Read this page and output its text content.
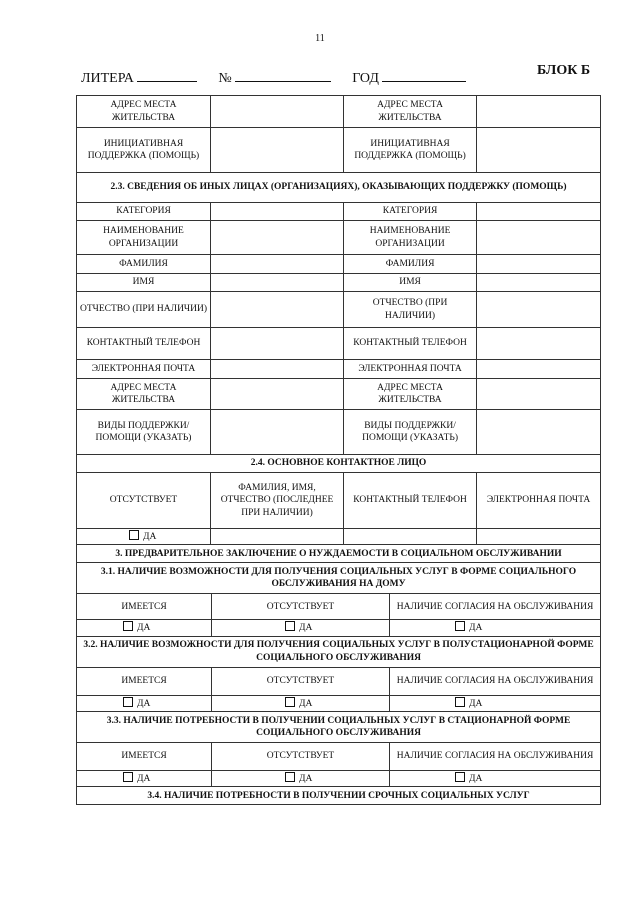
11
ЛИТЕРА	№	ГОД
БЛОК Б
АДРЕС МЕСТА ЖИТЕЛЬСТВА		АДРЕС МЕСТА ЖИТЕЛЬСТВА		
ИНИЦИАТИВНАЯ ПОДДЕРЖКА (ПОМОЩЬ)		ИНИЦИАТИВНАЯ ПОДДЕРЖКА (ПОМОЩЬ)		
2.3. СВЕДЕНИЯ ОБ ИНЫХ ЛИЦАХ (ОРГАНИЗАЦИЯХ), ОКАЗЫВАЮЩИХ ПОДДЕРЖКУ (ПОМОЩЬ)				
КАТЕГОРИЯ		КАТЕГОРИЯ		
НАИМЕНОВАНИЕ ОРГАНИЗАЦИИ		НАИМЕНОВАНИЕ ОРГАНИЗАЦИИ		
ФАМИЛИЯ		ФАМИЛИЯ		
ИМЯ		ИМЯ		
ОТЧЕСТВО (ПРИ НАЛИЧИИ)		ОТЧЕСТВО (ПРИ НАЛИЧИИ)		
КОНТАКТНЫЙ ТЕЛЕФОН		КОНТАКТНЫЙ ТЕЛЕФОН		
ЭЛЕКТРОННАЯ ПОЧТА		ЭЛЕКТРОННАЯ ПОЧТА		
АДРЕС МЕСТА ЖИТЕЛЬСТВА		АДРЕС МЕСТА ЖИТЕЛЬСТВА		
ВИДЫ ПОДДЕРЖКИ/ПОМОЩИ (УКАЗАТЬ)		ВИДЫ ПОДДЕРЖКИ/ПОМОЩИ (УКАЗАТЬ)		
2.4. ОСНОВНОЕ КОНТАКТНОЕ ЛИЦО				
ОТСУТСТВУЕТ	ФАМИЛИЯ, ИМЯ, ОТЧЕСТВО (ПОСЛЕДНЕЕ ПРИ НАЛИЧИИ)	КОНТАКТНЫЙ ТЕЛЕФОН		ЭЛЕКТРОННАЯ ПОЧТА
ДА				
3. ПРЕДВАРИТЕЛЬНОЕ ЗАКЛЮЧЕНИЕ О НУЖДАЕМОСТИ В СОЦИАЛЬНОМ ОБСЛУЖИВАНИИ				
3.1. НАЛИЧИЕ ВОЗМОЖНОСТИ ДЛЯ ПОЛУЧЕНИЯ СОЦИАЛЬНЫХ УСЛУГ В ФОРМЕ СОЦИАЛЬНОГО ОБСЛУЖИВАНИЯ НА ДОМУ				
ИМЕЕТСЯ	ОТСУТСТВУЕТ		НАЛИЧИЕ СОГЛАСИЯ НА ОБСЛУЖИВАНИЯ	
ДА	ДА		ДА	
3.2. НАЛИЧИЕ ВОЗМОЖНОСТИ ДЛЯ ПОЛУЧЕНИЯ СОЦИАЛЬНЫХ УСЛУГ В ПОЛУСТАЦИОНАРНОЙ ФОРМЕ СОЦИАЛЬНОГО ОБСЛУЖИВАНИЯ				
ИМЕЕТСЯ	ОТСУТСТВУЕТ		НАЛИЧИЕ СОГЛАСИЯ НА ОБСЛУЖИВАНИЯ	
ДА	ДА		ДА	
3.3. НАЛИЧИЕ ПОТРЕБНОСТИ В ПОЛУЧЕНИИ СОЦИАЛЬНЫХ УСЛУГ В СТАЦИОНАРНОЙ ФОРМЕ СОЦИАЛЬНОГО ОБСЛУЖИВАНИЯ				
ИМЕЕТСЯ	ОТСУТСТВУЕТ		НАЛИЧИЕ СОГЛАСИЯ НА ОБСЛУЖИВАНИЯ	
ДА	ДА		ДА	
3.4. НАЛИЧИЕ ПОТРЕБНОСТИ В ПОЛУЧЕНИИ СРОЧНЫХ СОЦИАЛЬНЫХ УСЛУГ				
